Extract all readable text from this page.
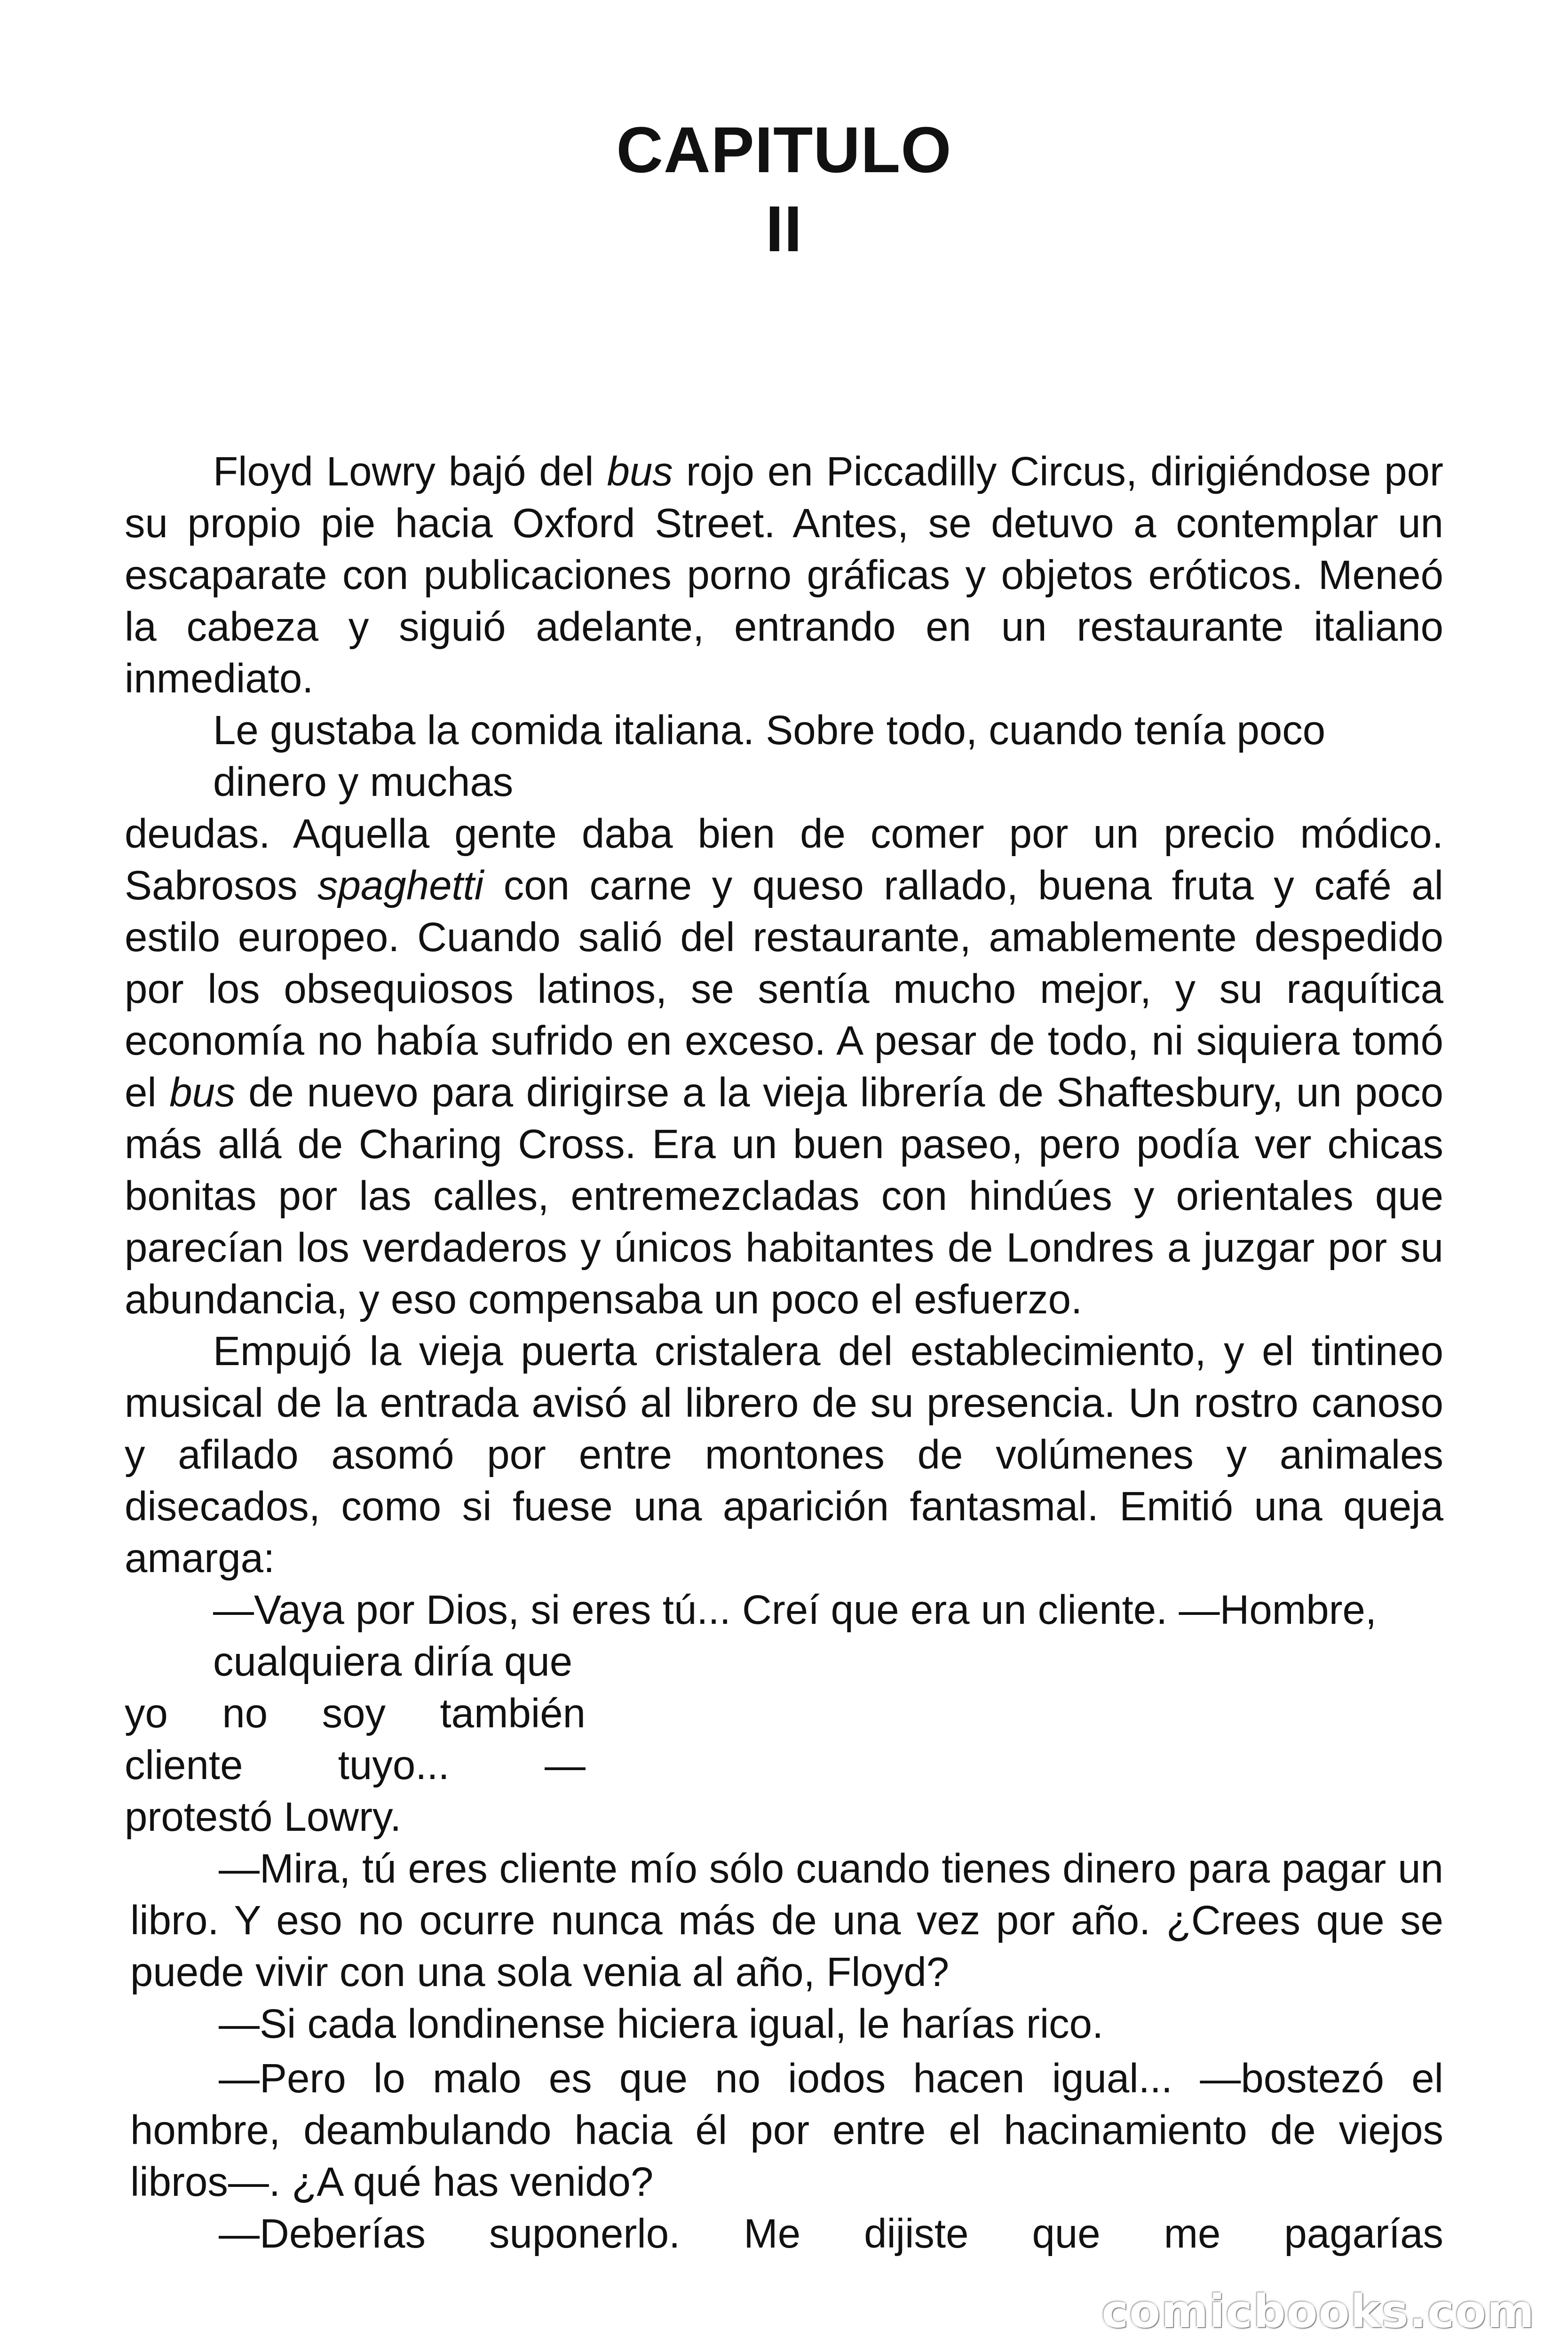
CAPITULO
II

Floyd Lowry bajó del bus rojo en Piccadilly Circus, dirigiéndose por su propio pie hacia Oxford Street. Antes, se detuvo a contemplar un escaparate con publicaciones porno gráficas y objetos eróticos. Meneó la cabeza y siguió adelante, entrando en un restaurante italiano inmediato.

Le gustaba la comida italiana. Sobre todo, cuando tenía poco

dinero y muchas

deudas. Aquella gente daba bien de comer por un precio módico. Sabrosos spaghetti con carne y queso rallado, buena fruta y café al estilo europeo. Cuando salió del restaurante, amablemente despedido por los obsequiosos latinos, se sentía mucho mejor, y su raquítica economía no había sufrido en exceso. A pesar de todo, ni siquiera tomó el bus de nuevo para dirigirse a la vieja librería de Shaftesbury, un poco más allá de Charing Cross. Era un buen paseo, pero podía ver chicas bonitas por las calles, entremezcladas con hindúes y orientales que parecían los verdaderos y únicos habitantes de Londres a juzgar por su abundancia, y eso compensaba un poco el esfuerzo.

Empujó la vieja puerta cristalera del establecimiento, y el tintineo musical de la entrada avisó al librero de su presencia. Un rostro canoso y afilado asomó por entre montones de volúmenes y animales disecados, como si fuese una aparición fantasmal. Emitió una queja amarga:

—Vaya por Dios, si eres tú... Creí que era un cliente. —Hombre,

cualquiera diría que

yo no soy también

cliente tuyo... —

protestó Lowry.

—Mira, tú eres cliente mío sólo cuando tienes dinero para pagar un libro. Y eso no ocurre nunca más de una vez por año. ¿Crees que se puede vivir con una sola venia al año, Floyd?

—Si cada londinense hiciera igual, le harías rico.

—Pero lo malo es que no iodos hacen igual... —bostezó el hombre, deambulando hacia él por entre el hacinamiento de viejos libros—. ¿A qué has venido?

—Deberías suponerlo. Me dijiste que me pagarías

comicbooks.com
